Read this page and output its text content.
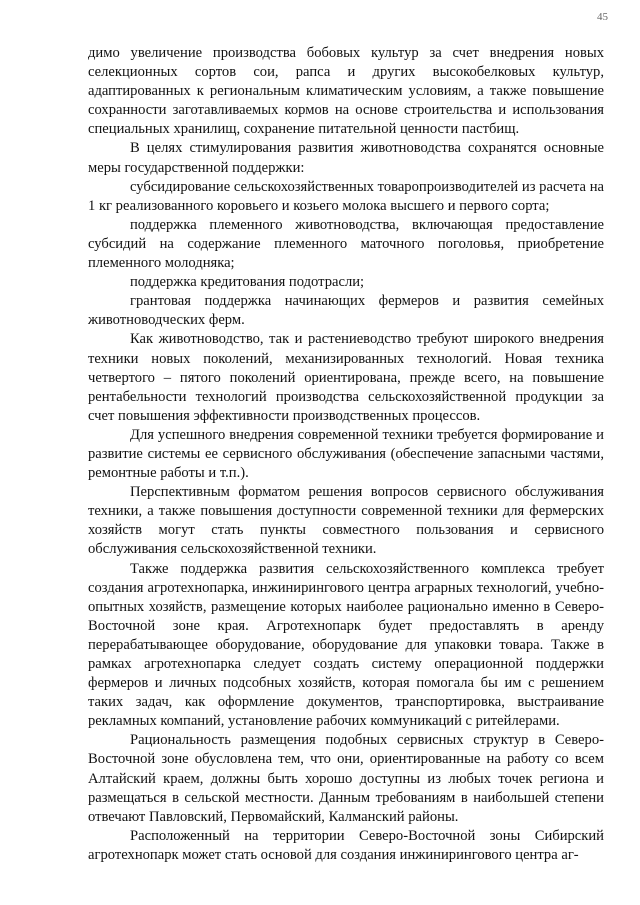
45

димо увеличение производства бобовых культур за счет внедрения новых селекционных сортов сои, рапса и других высокобелковых культур, адаптированных к региональным климатическим условиям, а также повышение сохранности заготавливаемых кормов на основе строительства и использования специальных хранилищ, сохранение питательной ценности пастбищ.

В целях стимулирования развития животноводства сохранятся основные меры государственной поддержки:

субсидирование сельскохозяйственных товаропроизводителей из расчета на 1 кг реализованного коровьего и козьего молока высшего и первого сорта;

поддержка племенного животноводства, включающая предоставление субсидий на содержание племенного маточного поголовья, приобретение племенного молодняка;

поддержка кредитования подотрасли;

грантовая поддержка начинающих фермеров и развития семейных животноводческих ферм.

Как животноводство, так и растениеводство требуют широкого внедрения техники новых поколений, механизированных технологий. Новая техника четвертого – пятого поколений ориентирована, прежде всего, на повышение рентабельности технологий производства сельскохозяйственной продукции за счет повышения эффективности производственных процессов.

Для успешного внедрения современной техники требуется формирование и развитие системы ее сервисного обслуживания (обеспечение запасными частями, ремонтные работы и т.п.).

Перспективным форматом решения вопросов сервисного обслуживания техники, а также повышения доступности современной техники для фермерских хозяйств могут стать пункты совместного пользования и сервисного обслуживания сельскохозяйственной техники.

Также поддержка развития сельскохозяйственного комплекса требует создания агротехнопарка, инжинирингового центра аграрных технологий, учебно-опытных хозяйств, размещение которых наиболее рационально именно в Северо-Восточной зоне края. Агротехнопарк будет предоставлять в аренду перерабатывающее оборудование, оборудование для упаковки товара. Также в рамках агротехнопарка следует создать систему операционной поддержки фермеров и личных подсобных хозяйств, которая помогала бы им с решением таких задач, как оформление документов, транспортировка, выстраивание рекламных компаний, установление рабочих коммуникаций с ритейлерами.

Рациональность размещения подобных сервисных структур в Северо-Восточной зоне обусловлена тем, что они, ориентированные на работу со всем Алтайский краем, должны быть хорошо доступны из любых точек региона и размещаться в сельской местности. Данным требованиям в наибольшей степени отвечают Павловский, Первомайский, Калманский районы.

Расположенный на территории Северо-Восточной зоны Сибирский агротехнопарк может стать основой для создания инжинирингового центра аг-
